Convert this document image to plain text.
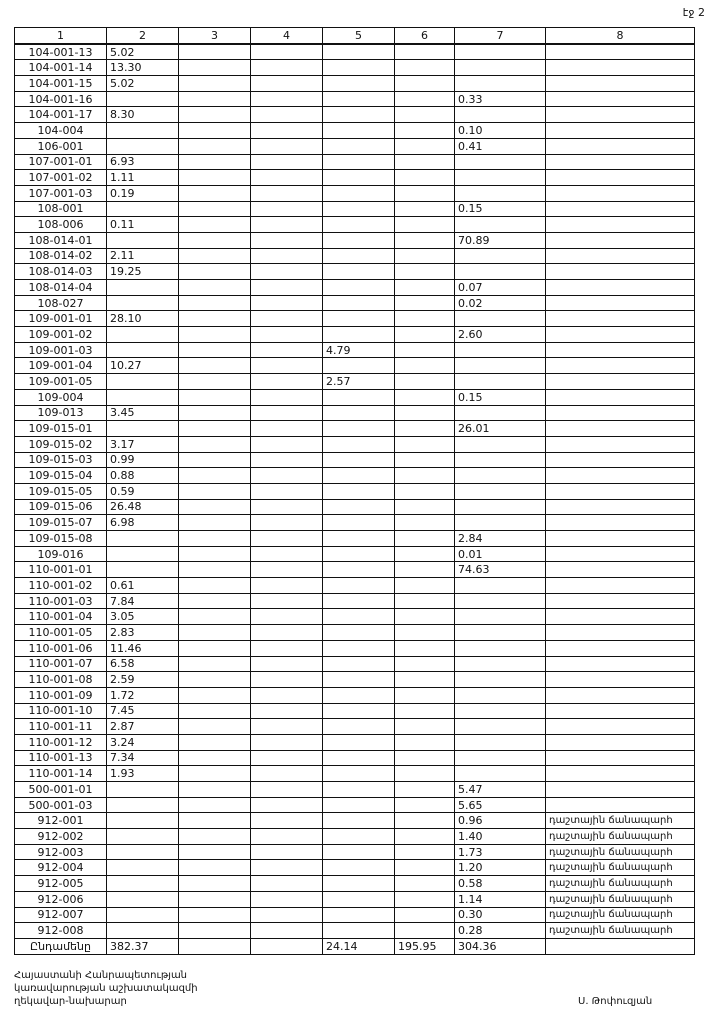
էջ 2
1	2	3	4	5	6	7	8
104-001-13	5.02						
104-001-14	13.30						
104-001-15	5.02						
104-001-16						0.33	
104-001-17	8.30						
104-004						0.10	
106-001						0.41	
107-001-01	6.93						
107-001-02	1.11						
107-001-03	0.19						
108-001						0.15	
108-006	0.11						
108-014-01						70.89	
108-014-02	2.11						
108-014-03	19.25						
108-014-04						0.07	
108-027						0.02	
109-001-01	28.10						
109-001-02						2.60	
109-001-03				4.79			
109-001-04	10.27						
109-001-05				2.57			
109-004						0.15	
109-013	3.45						
109-015-01						26.01	
109-015-02	3.17						
109-015-03	0.99						
109-015-04	0.88						
109-015-05	0.59						
109-015-06	26.48						
109-015-07	6.98						
109-015-08						2.84	
109-016						0.01	
110-001-01						74.63	
110-001-02	0.61						
110-001-03	7.84						
110-001-04	3.05						
110-001-05	2.83						
110-001-06	11.46						
110-001-07	6.58						
110-001-08	2.59						
110-001-09	1.72						
110-001-10	7.45						
110-001-11	2.87						
110-001-12	3.24						
110-001-13	7.34						
110-001-14	1.93						
500-001-01						5.47	
500-001-03						5.65	
912-001						0.96	դաշտային ճանապարհ
912-002						1.40	դաշտային ճանապարհ
912-003						1.73	դաշտային ճանապարհ
912-004						1.20	դաշտային ճանապարհ
912-005						0.58	դաշտային ճանապարհ
912-006						1.14	դաշտային ճանապարհ
912-007						0.30	դաշտային ճանապարհ
912-008						0.28	դաշտային ճանապարհ
Ընդամենը	382.37			24.14	195.95	304.36	
Հայաստանի Հանրապետության
կառավարության աշխատակազմի
ղեկավար-նախարար	Ս. Թոփուզյան
